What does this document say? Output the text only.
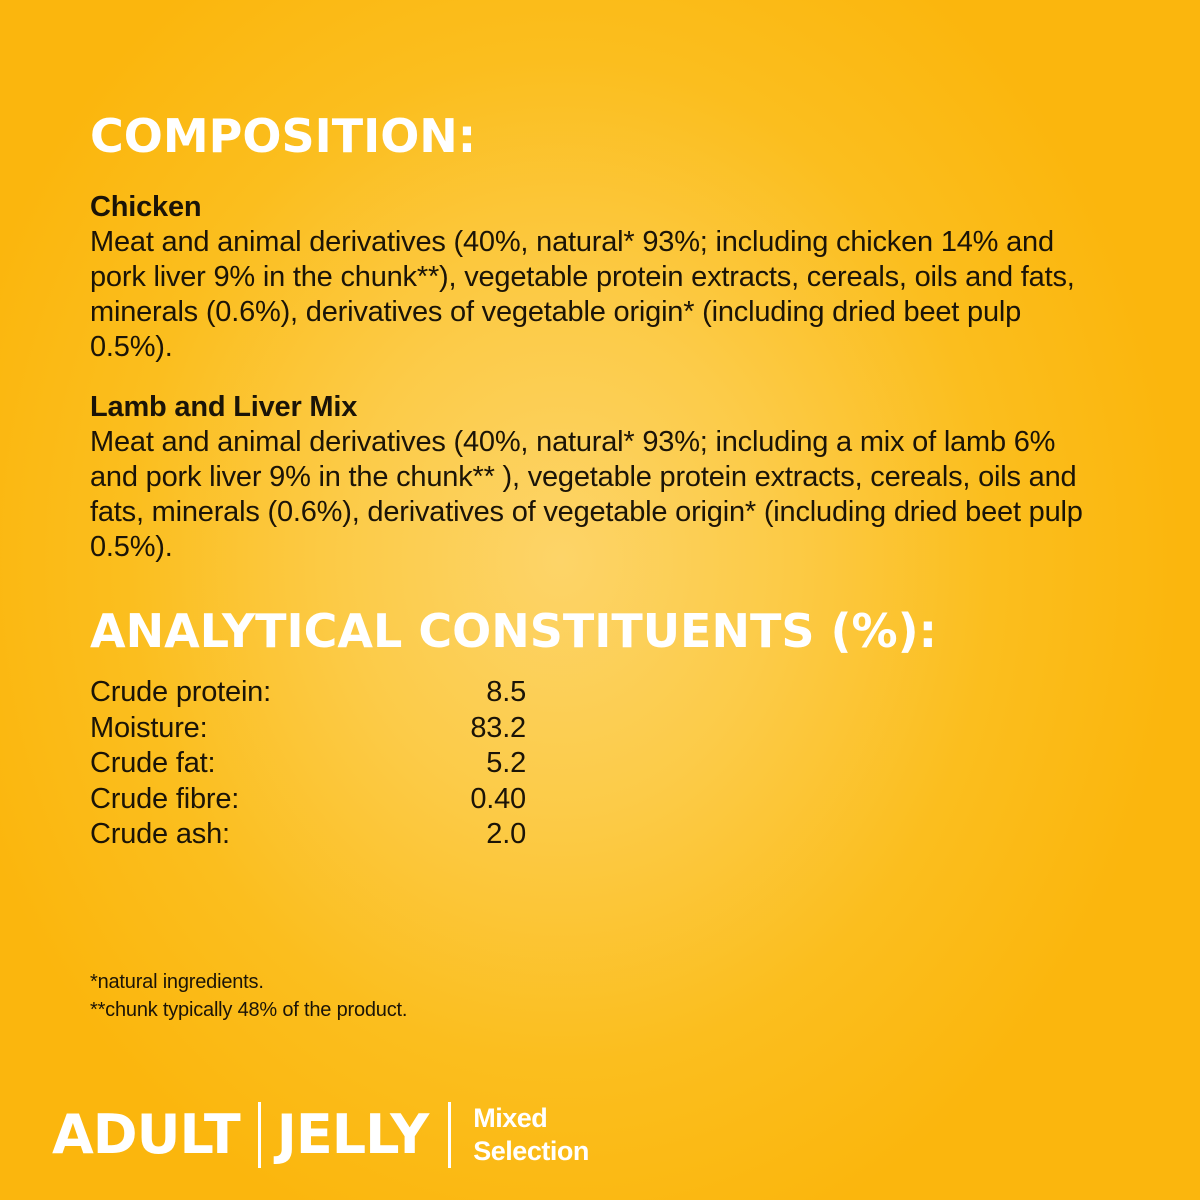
COMPOSITION:
Chicken
Meat and animal derivatives (40%, natural* 93%; including chicken 14% and pork liver 9% in the chunk**), vegetable protein extracts, cereals, oils and fats, minerals (0.6%), derivatives of vegetable origin* (including dried beet pulp 0.5%).
Lamb and Liver Mix
Meat and animal derivatives (40%, natural* 93%; including a mix of lamb 6% and pork liver 9% in the chunk** ), vegetable protein extracts, cereals, oils and fats, minerals (0.6%), derivatives of vegetable origin* (including dried beet pulp 0.5%).
ANALYTICAL CONSTITUENTS (%):
Crude protein:	8.5
Moisture:	83.2
Crude fat:	5.2
Crude fibre:	0.40
Crude ash:	2.0
*natural ingredients.
**chunk typically 48% of the product.
ADULT JELLY Mixed
Selection
